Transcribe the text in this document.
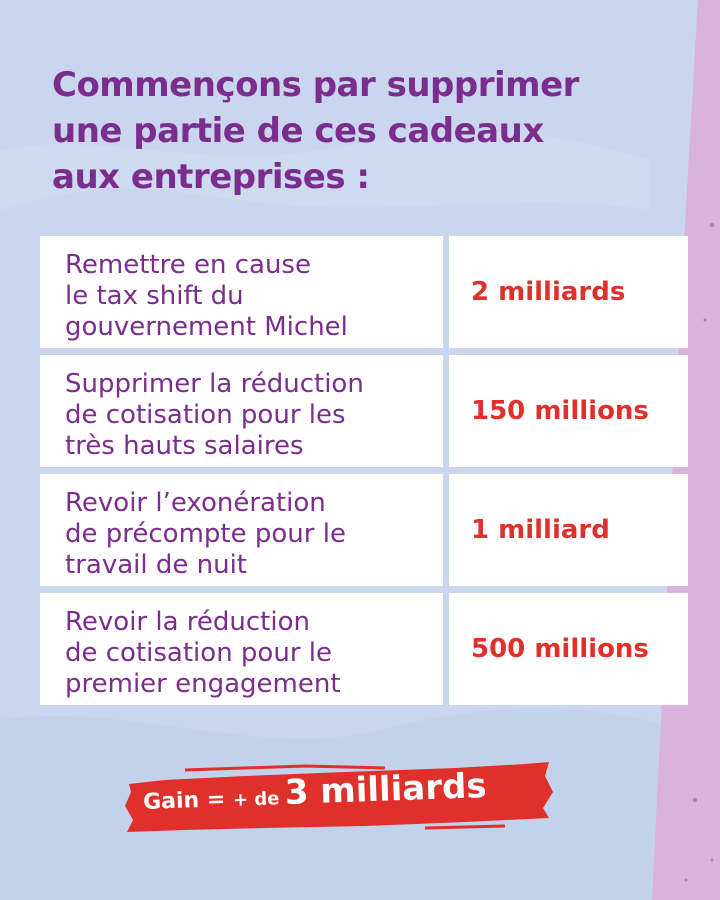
Commençons par supprimer
une partie de ces cadeaux
aux entreprises :
Remettre en cause
le tax shift du
gouvernement Michel
2 milliards
Supprimer la réduction
de cotisation pour les
très hauts salaires
150 millions
Revoir l’exonération
de précompte pour le
travail de nuit
1 milliard
Revoir la réduction
de cotisation pour le
premier engagement
500 millions
Gain = + de 3 milliards
